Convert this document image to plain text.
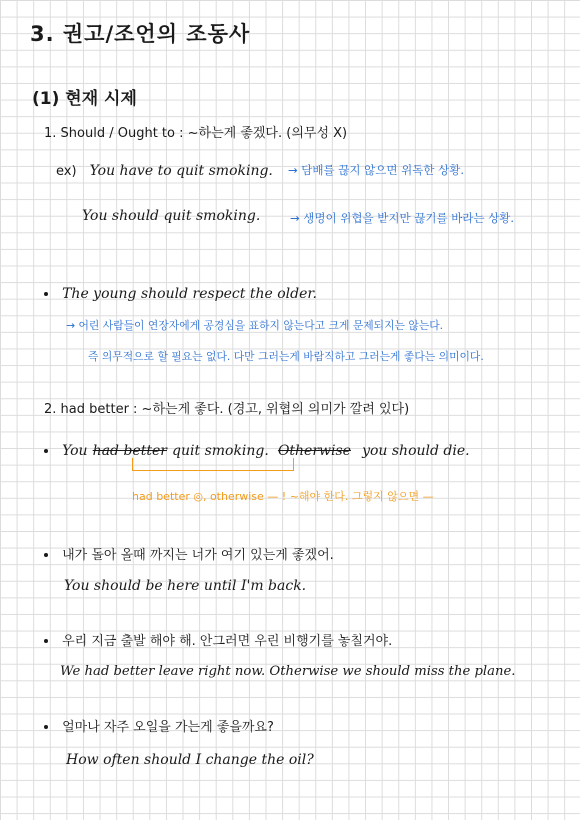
3. 권고/조언의 조동사
(1) 현재 시제
1. Should / Ought to : ~하는게 좋겠다. (의무성 X)
ex) You have to quit smoking. → 담배를 끊지 않으면 위독한 상황.
You should quit smoking.	→ 생명이 위협을 받지만 끊기를 바라는 상황.
The young should respect the older.
→ 어린 사람들이 연장자에게 공경심을 표하지 않는다고 크게 문제되지는 않는다.
즉 의무적으로 할 필요는 없다. 다만 그러는게 바람직하고 그러는게 좋다는 의미이다.
2. had better : ~하는게 좋다. (경고, 위협의 의미가 깔려 있다)
You had better quit smoking. Otherwise you should die.
had better ◎, otherwise — ! ~해야 한다. 그렇지 않으면 —
내가 돌아 올때 까지는 너가 여기 있는게 좋겠어.
You should be here until I'm back.
우리 지금 출발 해야 해. 안그러면 우린 비행기를 놓칠거야.
We had better leave right now. Otherwise we should miss the plane.
얼마나 자주 오일을 가는게 좋을까요?
How often should I change the oil?
